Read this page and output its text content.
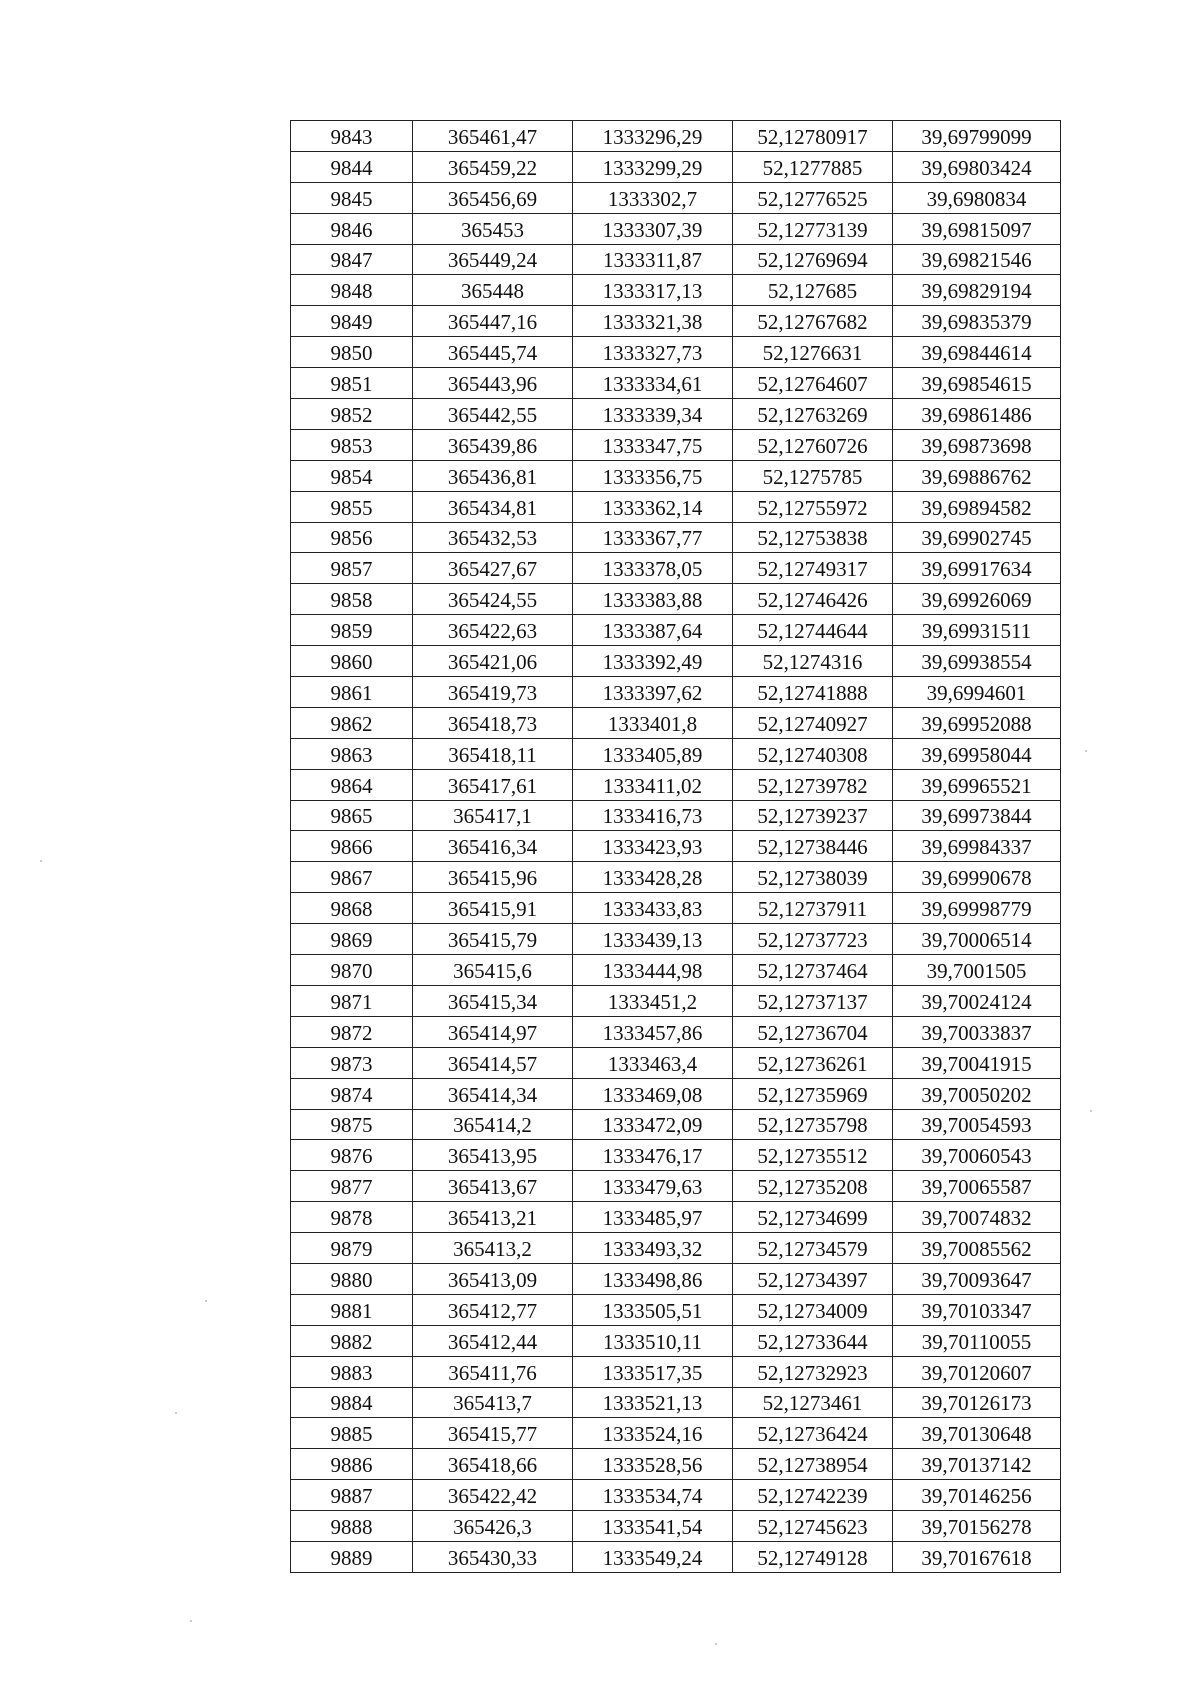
9843	365461,47	1333296,29	52,12780917	39,69799099
9844	365459,22	1333299,29	52,1277885	39,69803424
9845	365456,69	1333302,7	52,12776525	39,6980834
9846	365453	1333307,39	52,12773139	39,69815097
9847	365449,24	1333311,87	52,12769694	39,69821546
9848	365448	1333317,13	52,127685	39,69829194
9849	365447,16	1333321,38	52,12767682	39,69835379
9850	365445,74	1333327,73	52,1276631	39,69844614
9851	365443,96	1333334,61	52,12764607	39,69854615
9852	365442,55	1333339,34	52,12763269	39,69861486
9853	365439,86	1333347,75	52,12760726	39,69873698
9854	365436,81	1333356,75	52,1275785	39,69886762
9855	365434,81	1333362,14	52,12755972	39,69894582
9856	365432,53	1333367,77	52,12753838	39,69902745
9857	365427,67	1333378,05	52,12749317	39,69917634
9858	365424,55	1333383,88	52,12746426	39,69926069
9859	365422,63	1333387,64	52,12744644	39,69931511
9860	365421,06	1333392,49	52,1274316	39,69938554
9861	365419,73	1333397,62	52,12741888	39,6994601
9862	365418,73	1333401,8	52,12740927	39,69952088
9863	365418,11	1333405,89	52,12740308	39,69958044
9864	365417,61	1333411,02	52,12739782	39,69965521
9865	365417,1	1333416,73	52,12739237	39,69973844
9866	365416,34	1333423,93	52,12738446	39,69984337
9867	365415,96	1333428,28	52,12738039	39,69990678
9868	365415,91	1333433,83	52,12737911	39,69998779
9869	365415,79	1333439,13	52,12737723	39,70006514
9870	365415,6	1333444,98	52,12737464	39,7001505
9871	365415,34	1333451,2	52,12737137	39,70024124
9872	365414,97	1333457,86	52,12736704	39,70033837
9873	365414,57	1333463,4	52,12736261	39,70041915
9874	365414,34	1333469,08	52,12735969	39,70050202
9875	365414,2	1333472,09	52,12735798	39,70054593
9876	365413,95	1333476,17	52,12735512	39,70060543
9877	365413,67	1333479,63	52,12735208	39,70065587
9878	365413,21	1333485,97	52,12734699	39,70074832
9879	365413,2	1333493,32	52,12734579	39,70085562
9880	365413,09	1333498,86	52,12734397	39,70093647
9881	365412,77	1333505,51	52,12734009	39,70103347
9882	365412,44	1333510,11	52,12733644	39,70110055
9883	365411,76	1333517,35	52,12732923	39,70120607
9884	365413,7	1333521,13	52,1273461	39,70126173
9885	365415,77	1333524,16	52,12736424	39,70130648
9886	365418,66	1333528,56	52,12738954	39,70137142
9887	365422,42	1333534,74	52,12742239	39,70146256
9888	365426,3	1333541,54	52,12745623	39,70156278
9889	365430,33	1333549,24	52,12749128	39,70167618
